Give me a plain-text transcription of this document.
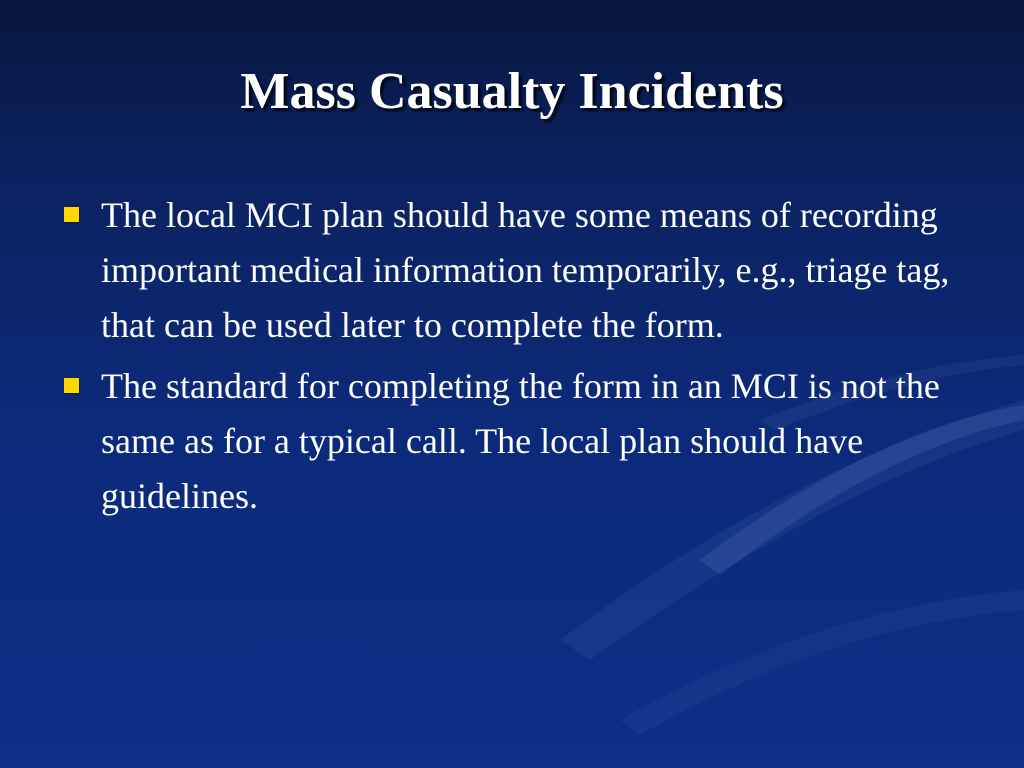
Mass Casualty Incidents
The local MCI plan should have some means of recording important medical information temporarily, e.g., triage tag, that can be used later to complete the form.
The standard for completing the form in an MCI is not the same as for a typical call. The local plan should have guidelines.
